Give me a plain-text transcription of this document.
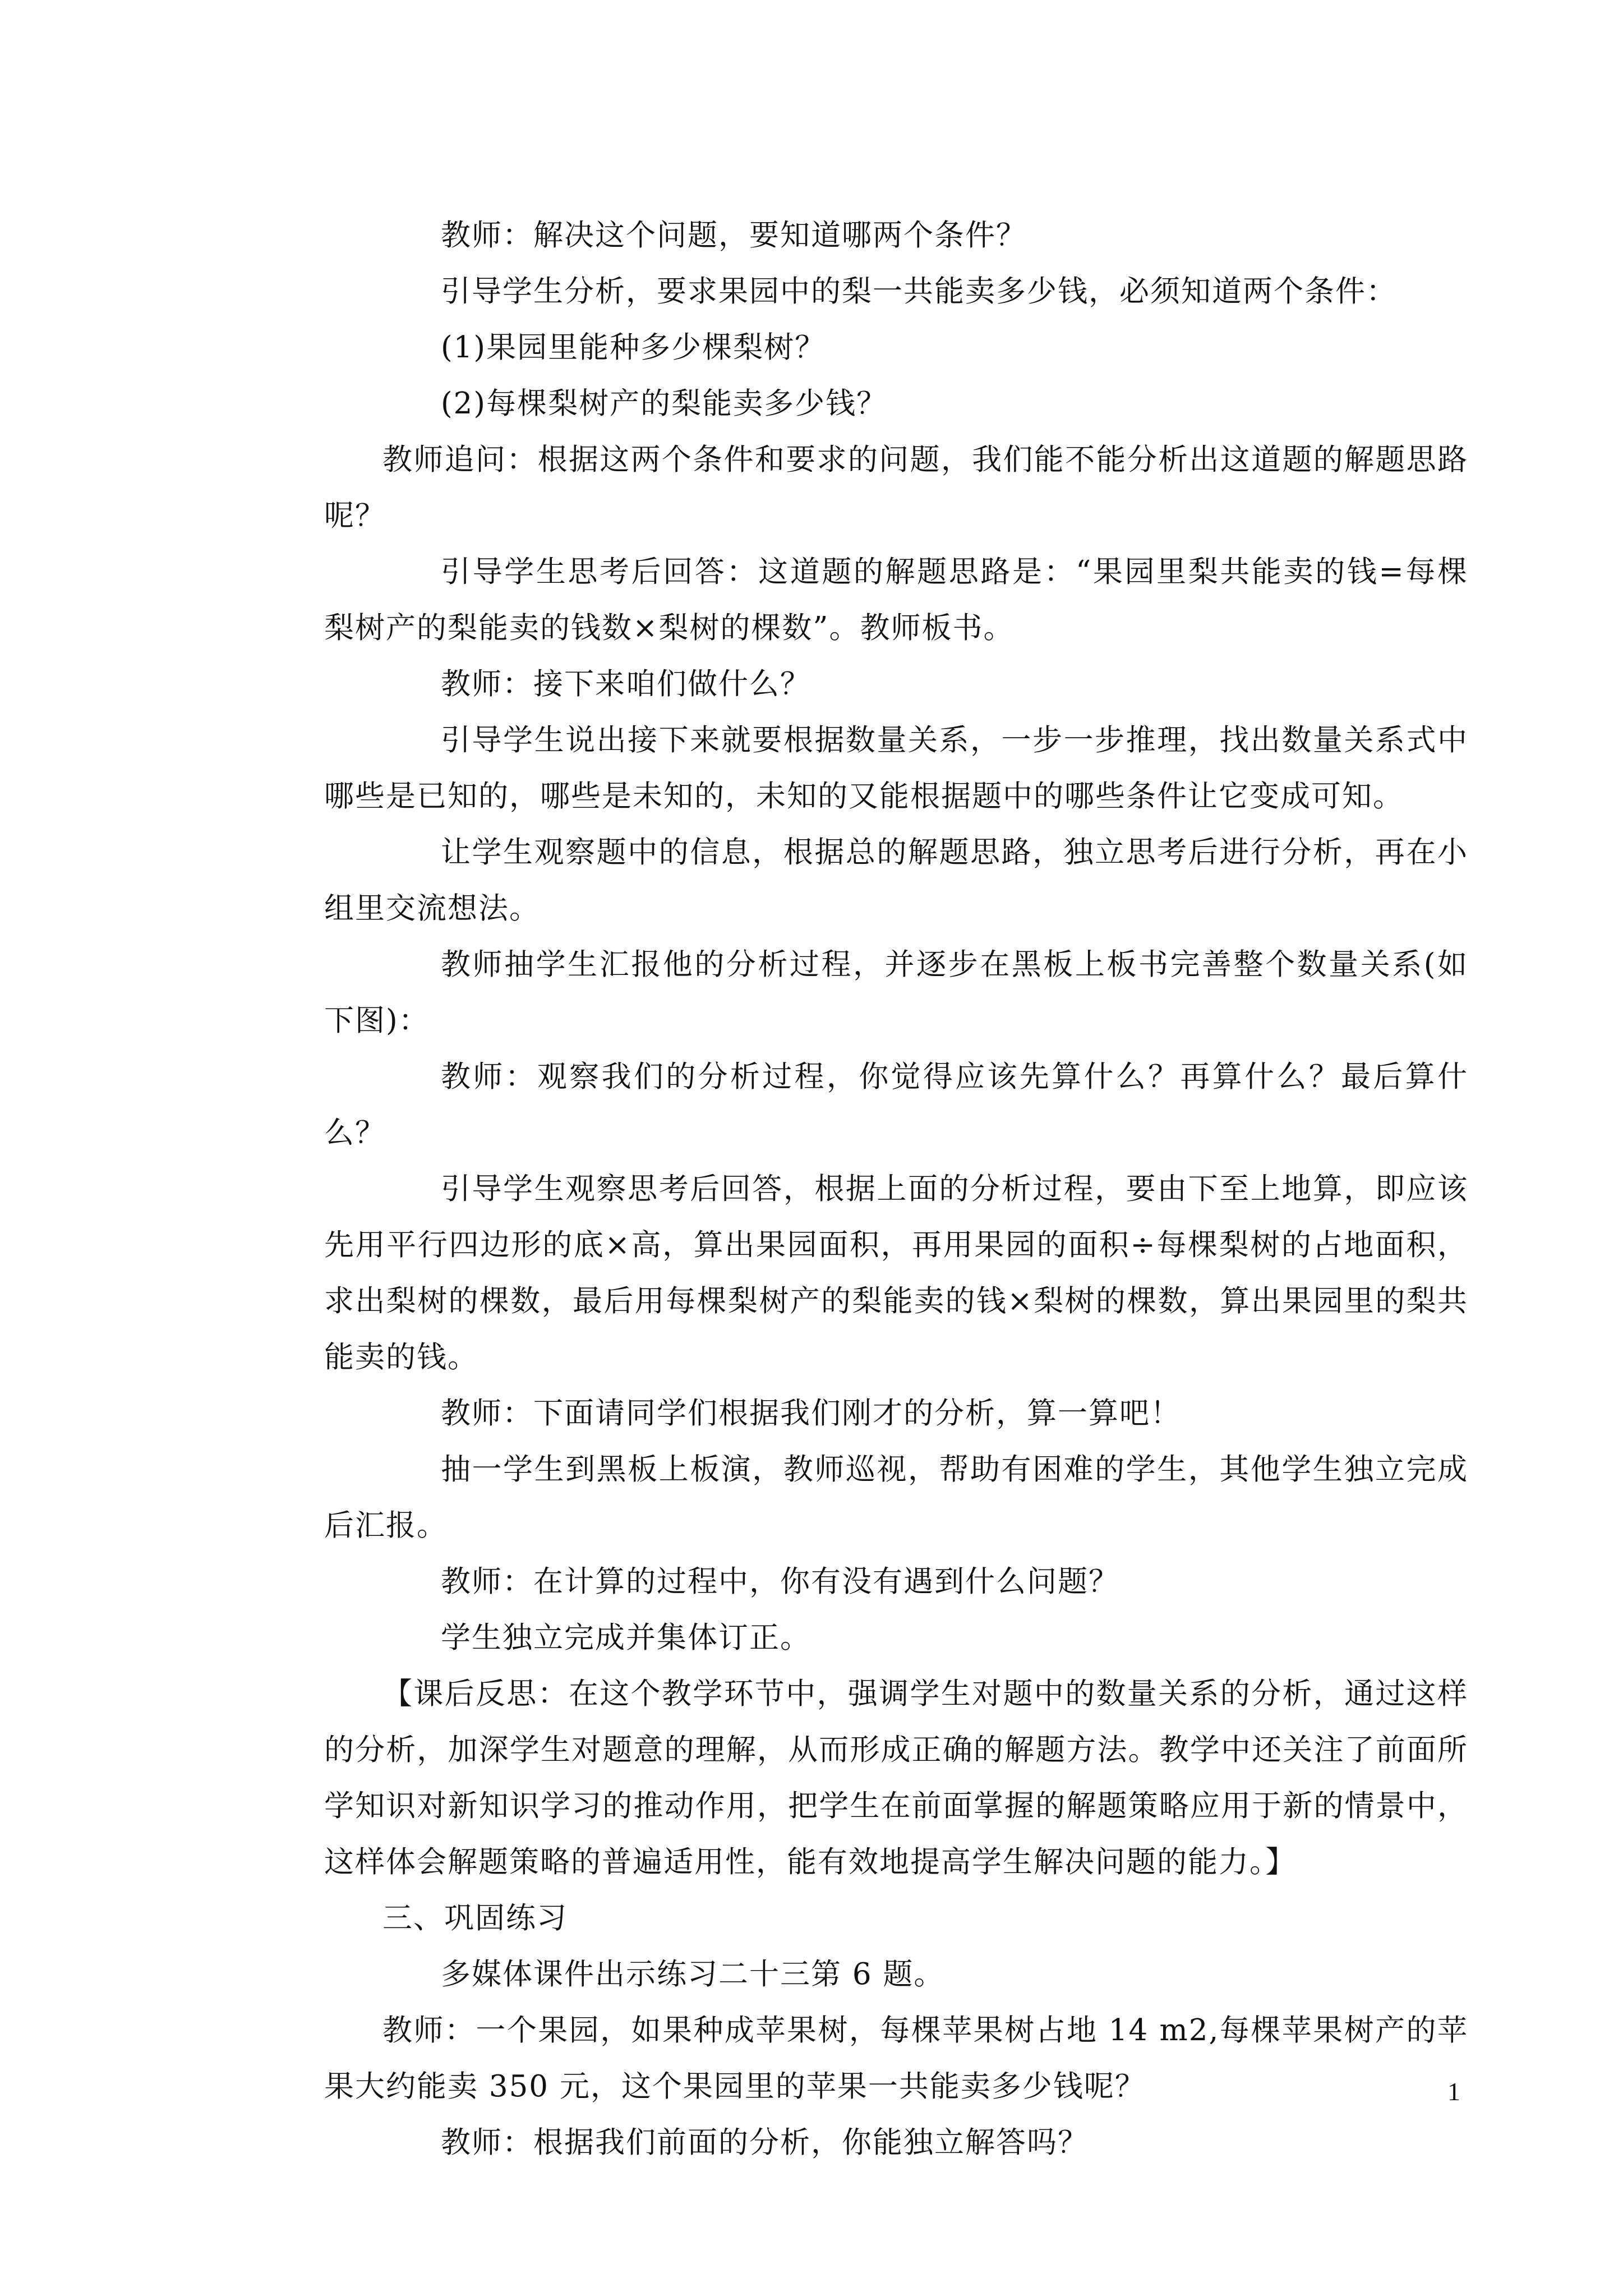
教师：解决这个问题，要知道哪两个条件？

引导学生分析，要求果园中的梨一共能卖多少钱，必须知道两个条件：

(1)果园里能种多少棵梨树？

(2)每棵梨树产的梨能卖多少钱？

教师追问：根据这两个条件和要求的问题，我们能不能分析出这道题的解题思路呢？

引导学生思考后回答：这道题的解题思路是：“果园里梨共能卖的钱=每棵梨树产的梨能卖的钱数×梨树的棵数”。教师板书。

教师：接下来咱们做什么？

引导学生说出接下来就要根据数量关系，一步一步推理，找出数量关系式中哪些是已知的，哪些是未知的，未知的又能根据题中的哪些条件让它变成可知。

让学生观察题中的信息，根据总的解题思路，独立思考后进行分析，再在小组里交流想法。

教师抽学生汇报他的分析过程，并逐步在黑板上板书完善整个数量关系(如下图)：

教师：观察我们的分析过程，你觉得应该先算什么？再算什么？最后算什么？

引导学生观察思考后回答，根据上面的分析过程，要由下至上地算，即应该先用平行四边形的底×高，算出果园面积，再用果园的面积÷每棵梨树的占地面积，求出梨树的棵数，最后用每棵梨树产的梨能卖的钱×梨树的棵数，算出果园里的梨共能卖的钱。

教师：下面请同学们根据我们刚才的分析，算一算吧！

抽一学生到黑板上板演，教师巡视，帮助有困难的学生，其他学生独立完成后汇报。

教师：在计算的过程中，你有没有遇到什么问题？

学生独立完成并集体订正。

【课后反思：在这个教学环节中，强调学生对题中的数量关系的分析，通过这样的分析，加深学生对题意的理解，从而形成正确的解题方法。教学中还关注了前面所学知识对新知识学习的推动作用，把学生在前面掌握的解题策略应用于新的情景中，这样体会解题策略的普遍适用性，能有效地提高学生解决问题的能力。】

三、巩固练习

多媒体课件出示练习二十三第 6 题。

教师：一个果园，如果种成苹果树，每棵苹果树占地 14 m2,每棵苹果树产的苹果大约能卖 350 元，这个果园里的苹果一共能卖多少钱呢？

教师：根据我们前面的分析，你能独立解答吗？

1
